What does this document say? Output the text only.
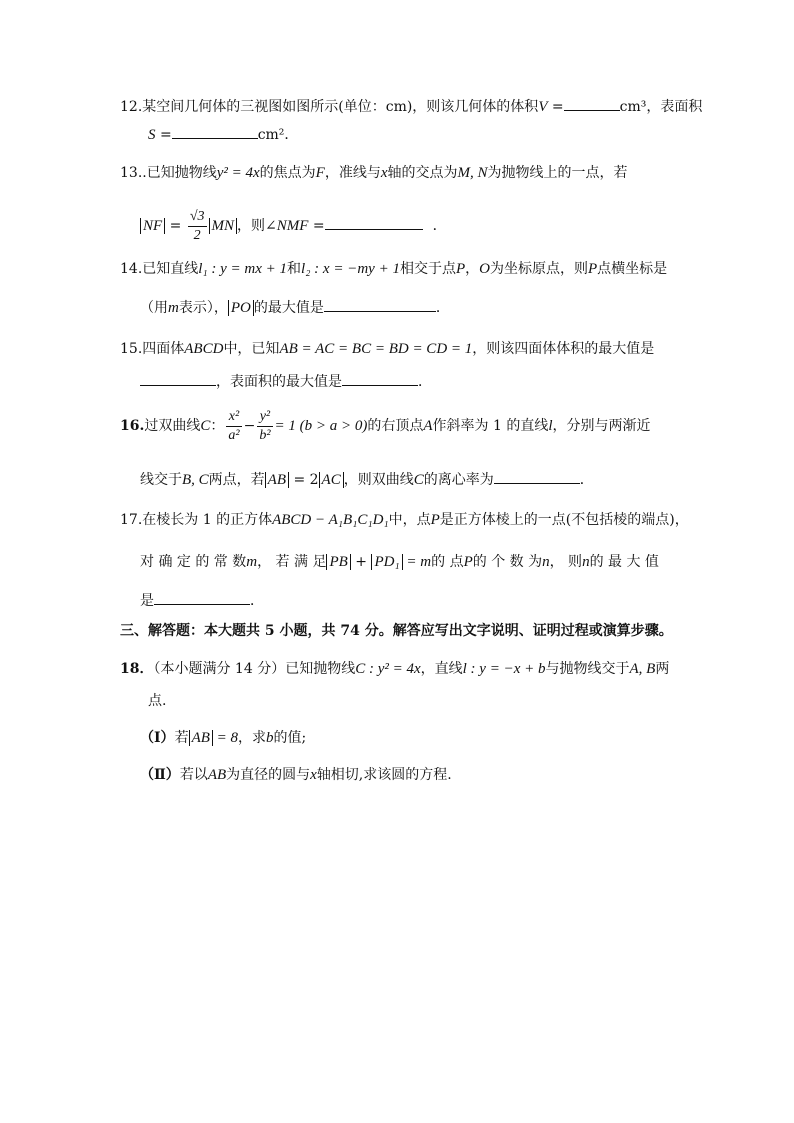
12.某空间几何体的三视图如图所示(单位：cm)，则该几何体的体积V =	cm³，表面积
S =	cm²．
13..已知抛物线y² = 4x的焦点为F，准线与x轴的交点为M, N为抛物线上的一点，若
NF = $\frac{√3}{2}$ MN ，则∠NMF =	．
14.已知直线l₁ : y = mx + 1和l₂ : x = −my + 1相交于点P，O为坐标原点，则P点横坐标是
（用m表示）， PO 的最大值是	．
15.四面体ABCD中，已知AB = AC = BC = BD = CD = 1，则该四面体体积的最大值是
，表面积的最大值是	．
16.过双曲线C： $\frac{\text{x²}}{\text{a²}} - \frac{\text{y²}}{\text{b²}} = 1$ (b > a > 0)的右顶点A作斜率为 1 的直线l，分别与两渐近
线交于B, C两点，若 AB = 2 AC ，则双曲线C的离心率为	．
17.在棱长为 1 的正方体ABCD − A₁B₁C₁D₁中，点P是正方体棱上的一点(不包括棱的端点)，
对 确 定 的 常 数m， 若 满 足 PB + PD₁ = m的 点P的 个 数 为n， 则n的 最 大 值
是	．
三、解答题：本大题共 5 小题，共 74 分。解答应写出文字说明、证明过程或演算步骤。
18．（本小题满分 14 分）已知抛物线C : y² = 4x，直线l : y = −x + b与抛物线交于A, B两
点.
（Ⅰ）若 AB = 8，求b的值;
（Ⅱ）若以AB为直径的圆与x轴相切,求该圆的方程.
